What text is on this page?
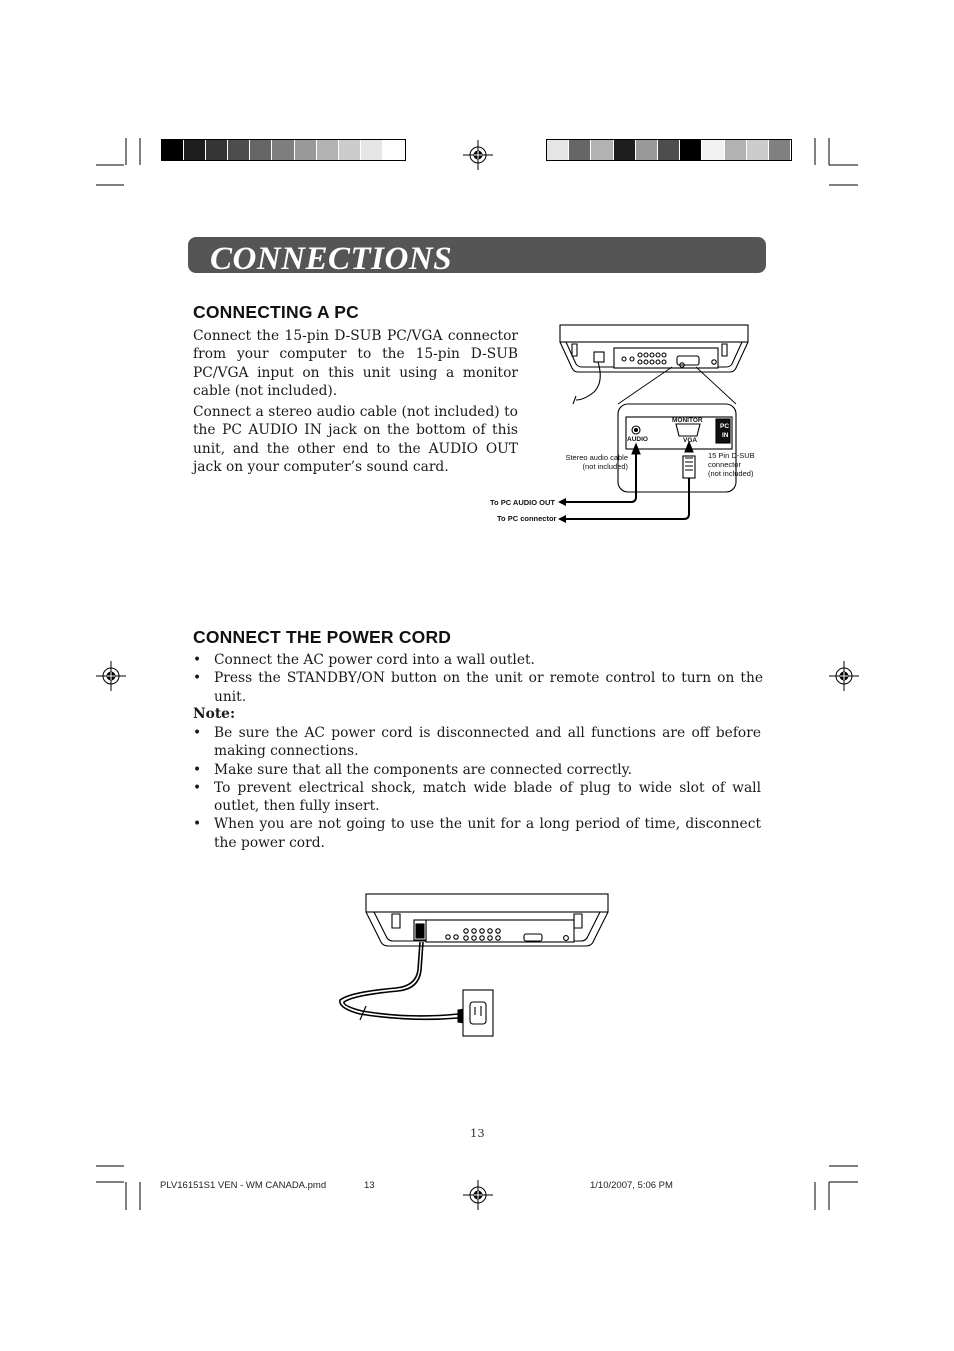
CONNECTIONS
CONNECTING A PC

Connect the 15-pin D-SUB PC/VGA connector from your computer to the 15-pin D-SUB PC/VGA input on this unit using a monitor cable (not included).

Connect a stereo audio cable (not included) to the PC AUDIO IN jack on the bottom of this unit, and the other end to the AUDIO OUT jack on your computer’s sound card.

MONITOR
VGA
PC
IN
AUDIO
Stereo audio cable
(not included)
15 Pin D-SUB
connector
(not included)
To PC AUDIO OUT
To PC connector
CONNECT THE POWER CORD
• Connect the AC power cord into a wall outlet.
• Press the STANDBY/ON button on the unit or remote control to turn on the unit.
Note:
• Be sure the AC power cord is disconnected and all functions are off before making connections.
• Make sure that all the components are connected correctly.
• To prevent electrical shock, match wide blade of plug to wide slot of wall outlet, then fully insert.
• When you are not going to use the unit for a long period of time, disconnect the power cord.
13
PLV16151S1 VEN - WM CANADA.pmd	13	1/10/2007, 5:06 PM
